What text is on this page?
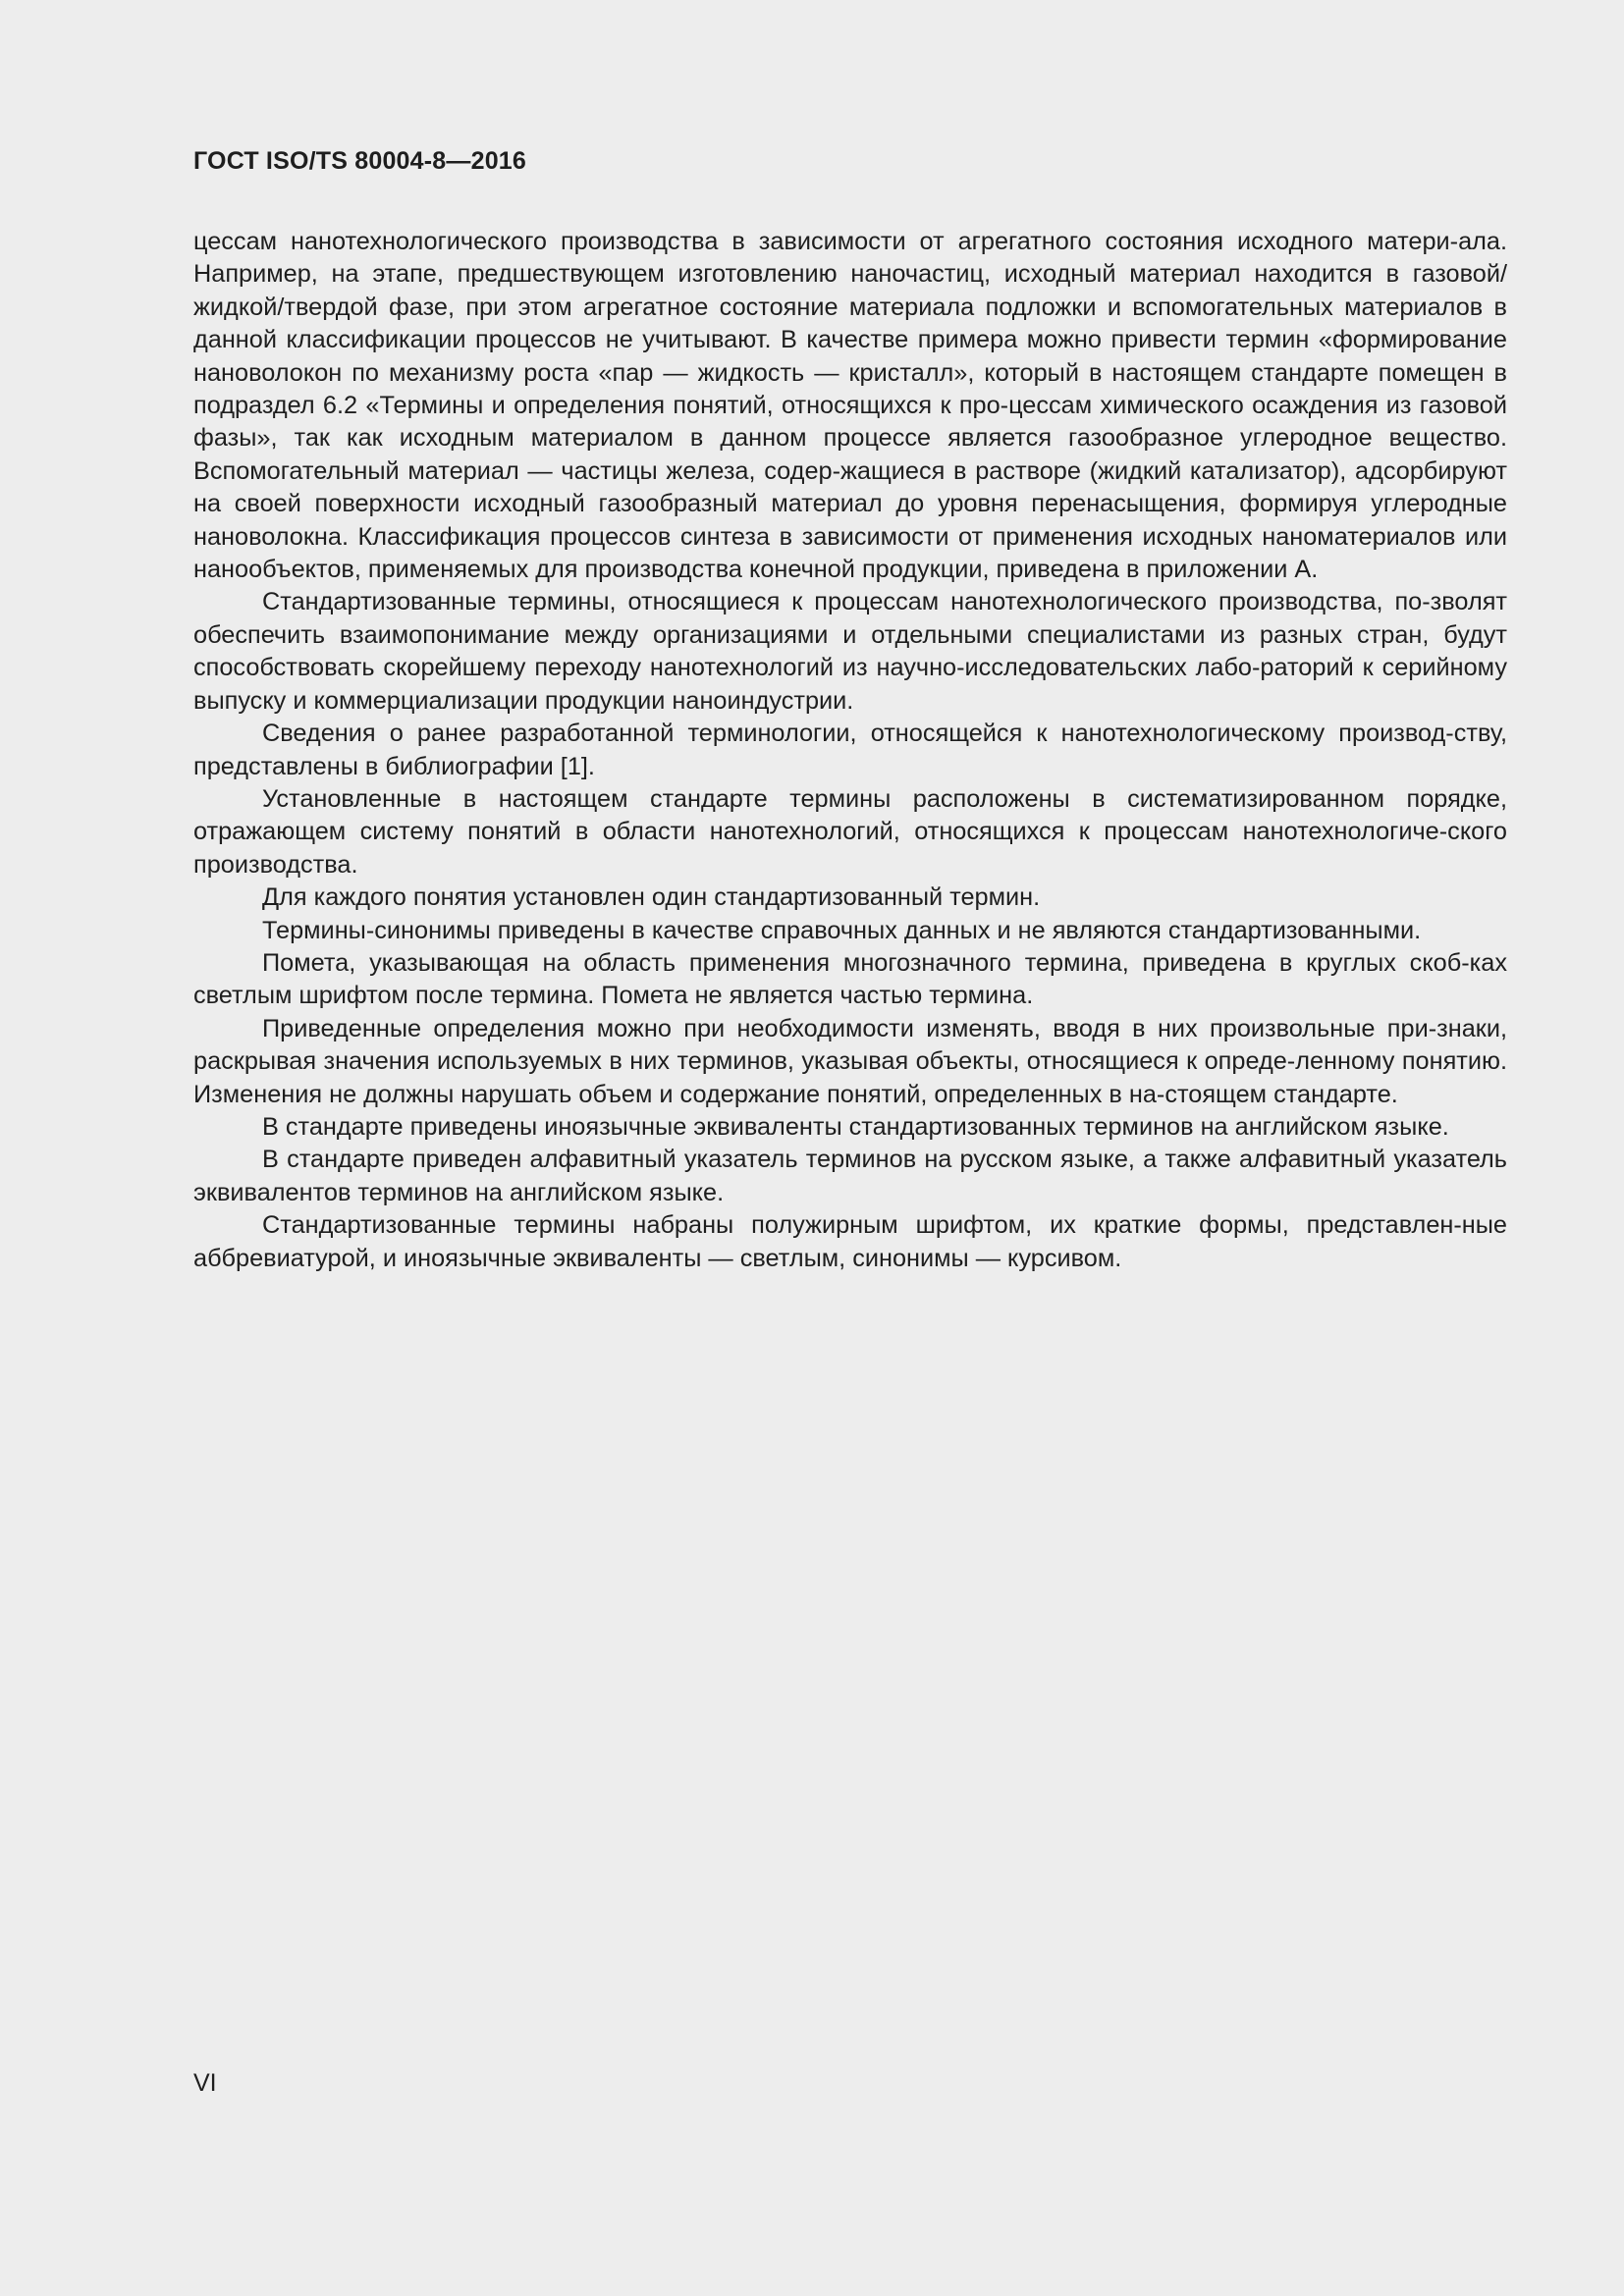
ГОСТ ISO/TS 80004-8—2016

цессам нанотехнологического производства в зависимости от агрегатного состояния исходного матери-ала. Например, на этапе, предшествующем изготовлению наночастиц, исходный материал находится в газовой/жидкой/твердой фазе, при этом агрегатное состояние материала подложки и вспомогательных материалов в данной классификации процессов не учитывают. В качестве примера можно привести термин «формирование нановолокон по механизму роста «пар — жидкость — кристалл», который в настоящем стандарте помещен в подраздел 6.2 «Термины и определения понятий, относящихся к про-цессам химического осаждения из газовой фазы», так как исходным материалом в данном процессе является газообразное углеродное вещество. Вспомогательный материал — частицы железа, содер-жащиеся в растворе (жидкий катализатор), адсорбируют на своей поверхности исходный газообразный материал до уровня перенасыщения, формируя углеродные нановолокна. Классификация процессов синтеза в зависимости от применения исходных наноматериалов или нанообъектов, применяемых для производства конечной продукции, приведена в приложении А.

Стандартизованные термины, относящиеся к процессам нанотехнологического производства, по-зволят обеспечить взаимопонимание между организациями и отдельными специалистами из разных стран, будут способствовать скорейшему переходу нанотехнологий из научно-исследовательских лабо-раторий к серийному выпуску и коммерциализации продукции наноиндустрии.

Сведения о ранее разработанной терминологии, относящейся к нанотехнологическому производ-ству, представлены в библиографии [1].

Установленные в настоящем стандарте термины расположены в систематизированном порядке, отражающем систему понятий в области нанотехнологий, относящихся к процессам нанотехнологиче-ского производства.

Для каждого понятия установлен один стандартизованный термин.

Термины-синонимы приведены в качестве справочных данных и не являются стандартизованными.

Помета, указывающая на область применения многозначного термина, приведена в круглых скоб-ках светлым шрифтом после термина. Помета не является частью термина.

Приведенные определения можно при необходимости изменять, вводя в них произвольные при-знаки, раскрывая значения используемых в них терминов, указывая объекты, относящиеся к опреде-ленному понятию. Изменения не должны нарушать объем и содержание понятий, определенных в на-стоящем стандарте.

В стандарте приведены иноязычные эквиваленты стандартизованных терминов на английском языке.

В стандарте приведен алфавитный указатель терминов на русском языке, а также алфавитный указатель эквивалентов терминов на английском языке.

Стандартизованные термины набраны полужирным шрифтом, их краткие формы, представлен-ные аббревиатурой, и иноязычные эквиваленты — светлым, синонимы — курсивом.

VI
